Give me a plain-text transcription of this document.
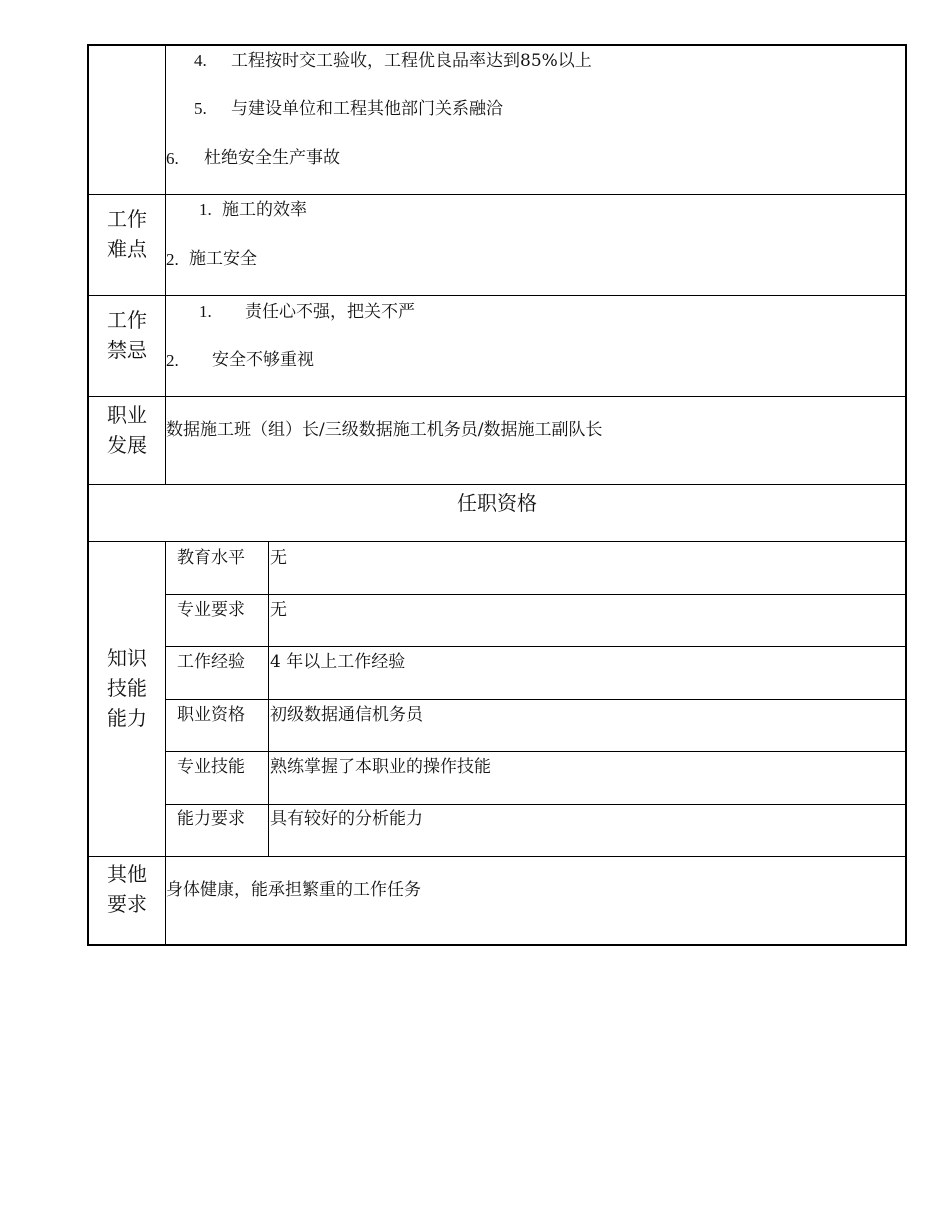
4. 工程按时交工验收，工程优良品率达到85%以上
5. 与建设单位和工程其他部门关系融洽
6. 杜绝安全生产事故
工作
难点
1. 施工的效率
2. 施工安全
工作
禁忌
1. 责任心不强，把关不严
2. 安全不够重视
职业
发展
数据施工班（组）长/三级数据施工机务员/数据施工副队长
任职资格
知识
技能
能力
教育水平 无
专业要求 无
工作经验 4 年以上工作经验
职业资格 初级数据通信机务员
专业技能 熟练掌握了本职业的操作技能
能力要求 具有较好的分析能力
其他
要求
身体健康，能承担繁重的工作任务
